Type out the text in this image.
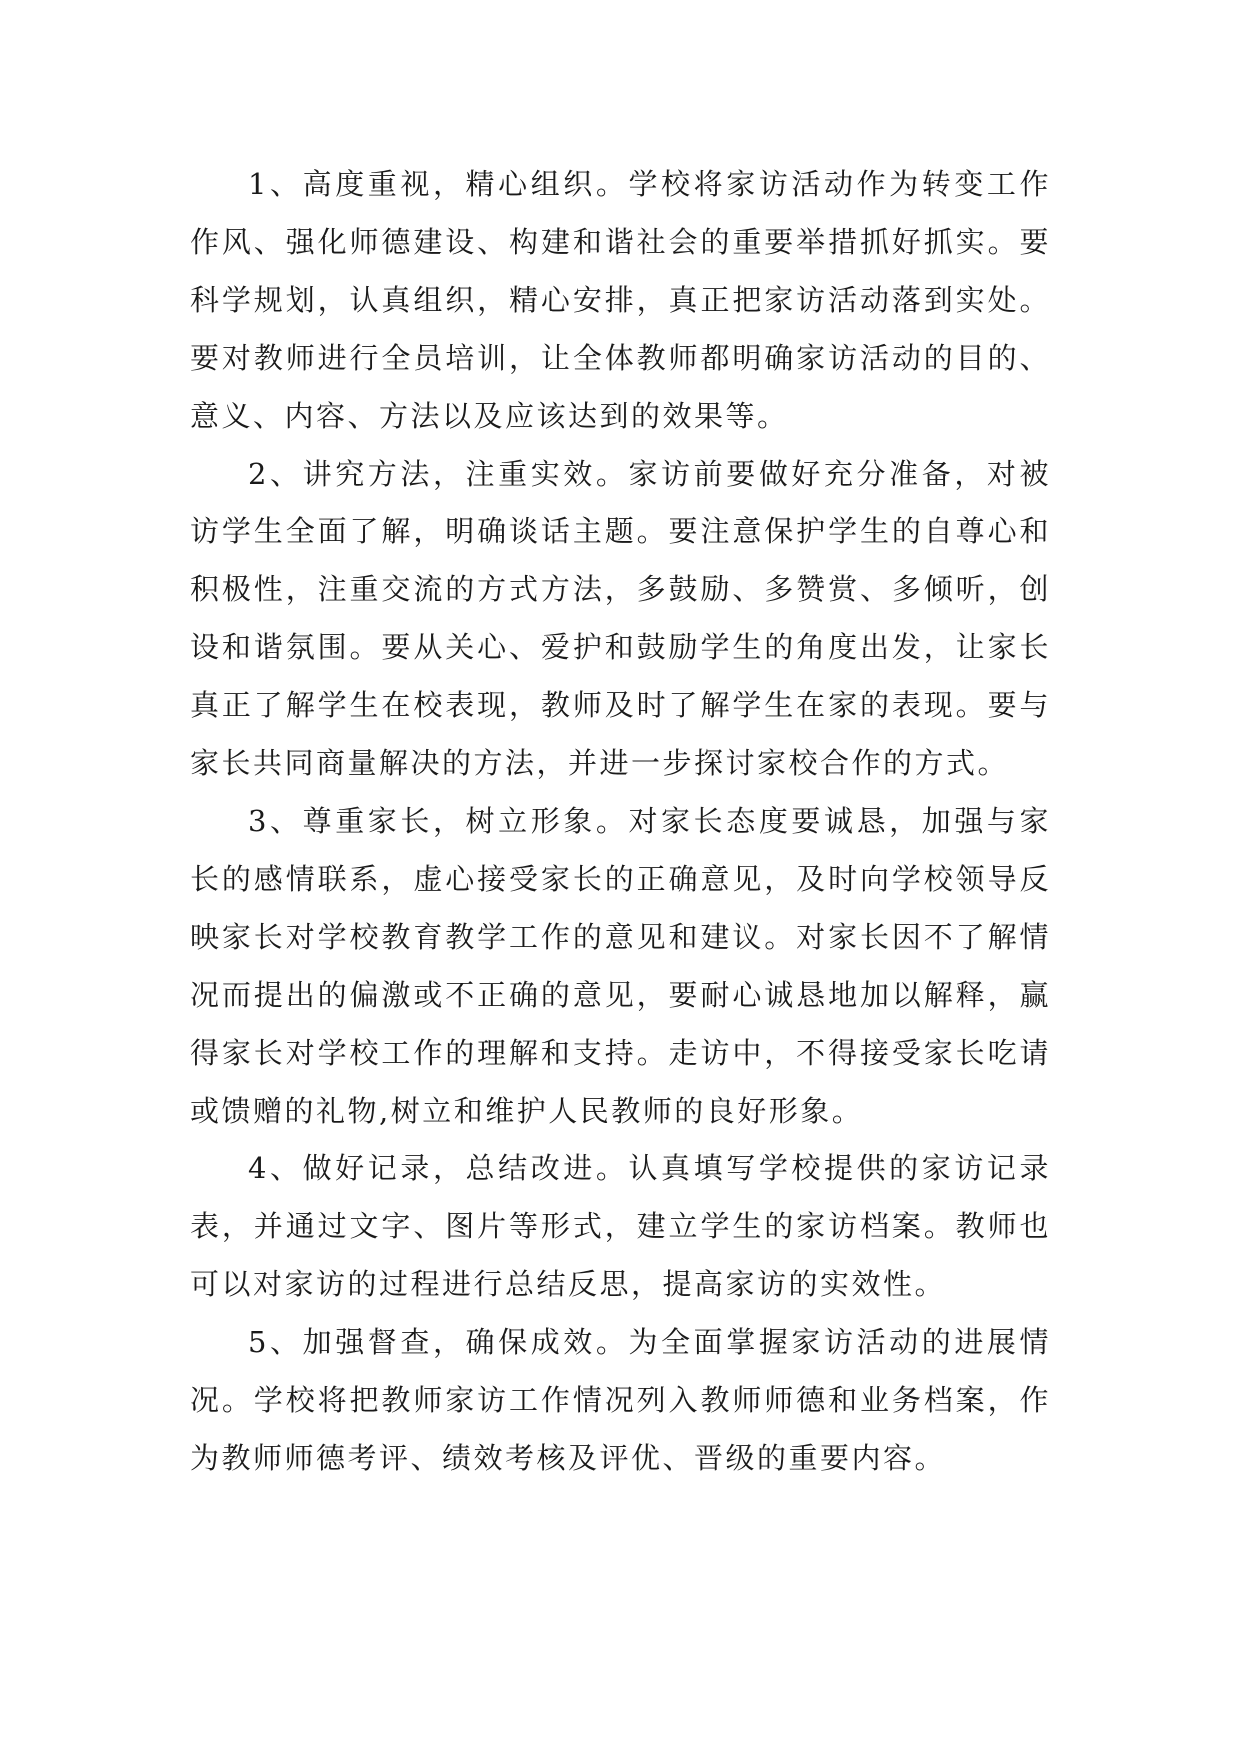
1、高度重视，精心组织。学校将家访活动作为转变工作作风、强化师德建设、构建和谐社会的重要举措抓好抓实。要科学规划，认真组织，精心安排，真正把家访活动落到实处。要对教师进行全员培训，让全体教师都明确家访活动的目的、意义、内容、方法以及应该达到的效果等。

2、讲究方法，注重实效。家访前要做好充分准备，对被访学生全面了解，明确谈话主题。要注意保护学生的自尊心和积极性，注重交流的方式方法，多鼓励、多赞赏、多倾听，创设和谐氛围。要从关心、爱护和鼓励学生的角度出发，让家长真正了解学生在校表现，教师及时了解学生在家的表现。要与家长共同商量解决的方法，并进一步探讨家校合作的方式。

3、尊重家长，树立形象。对家长态度要诚恳，加强与家长的感情联系，虚心接受家长的正确意见，及时向学校领导反映家长对学校教育教学工作的意见和建议。对家长因不了解情况而提出的偏激或不正确的意见，要耐心诚恳地加以解释，赢得家长对学校工作的理解和支持。走访中，不得接受家长吃请或馈赠的礼物,树立和维护人民教师的良好形象。

4、做好记录，总结改进。认真填写学校提供的家访记录表，并通过文字、图片等形式，建立学生的家访档案。教师也可以对家访的过程进行总结反思，提高家访的实效性。

5、加强督查，确保成效。为全面掌握家访活动的进展情况。学校将把教师家访工作情况列入教师师德和业务档案，作为教师师德考评、绩效考核及评优、晋级的重要内容。
